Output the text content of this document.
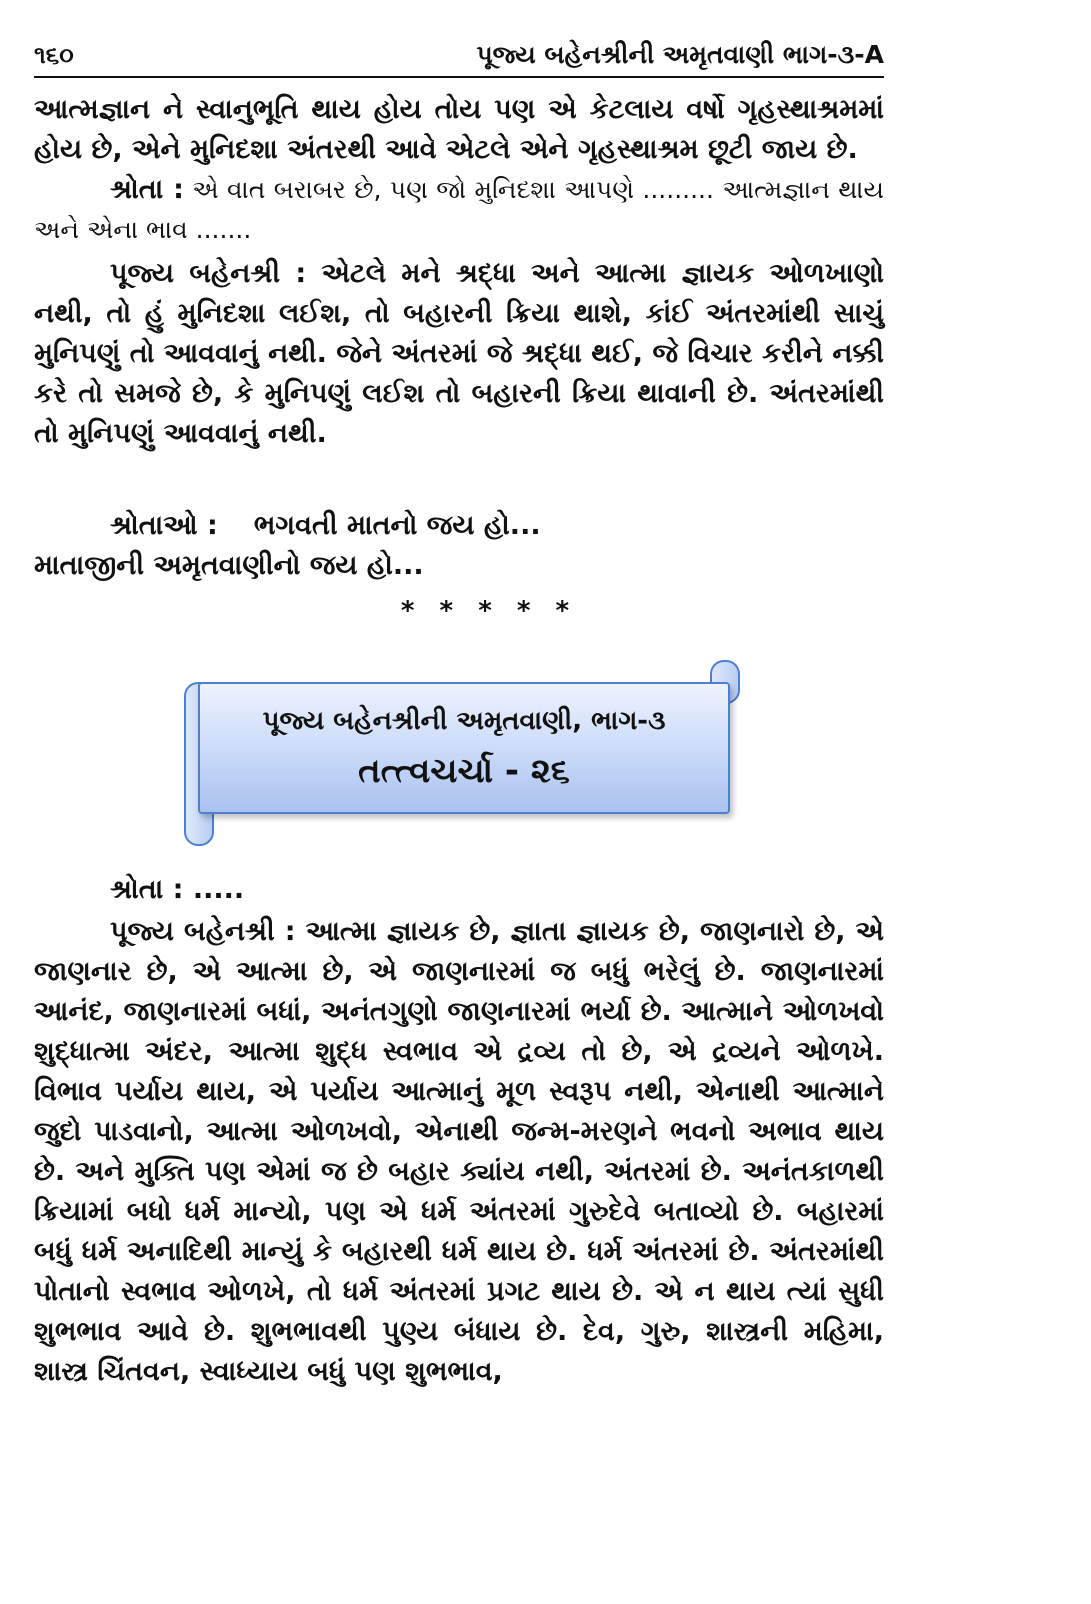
૧૬૦	પૂજ્ય બહેનશ્રીની અમૃતવાણી ભાગ-૩-A

આત્મજ્ઞાન ને સ્વાનુભૂતિ થાય હોય તોય પણ એ કેટલાય વર્ષો ગૃહસ્થાશ્રમમાં હોય છે, એને મુનિદશા અંતરથી આવે એટલે એને ગૃહસ્થાશ્રમ છૂટી જાય છે.

શ્રોતા : એ વાત બરાબર છે, પણ જો મુનિદશા આપણે ......... આત્મજ્ઞાન થાય અને એના ભાવ .......

પૂજ્ય બહેનશ્રી : એટલે મને શ્રદ્ધા અને આત્મા જ્ઞાયક ઓળખાણો નથી, તો હું મુનિદશા લઈશ, તો બહારની ક્રિયા થાશે, કાંઈ અંતરમાંથી સાચું મુનિપણું તો આવવાનું નથી. જેને અંતરમાં જે શ્રદ્ધા થઈ, જે વિચાર કરીને નક્કી કરે તો સમજે છે, કે મુનિપણું લઈશ તો બહારની ક્રિયા થાવાની છે. અંતરમાંથી તો મુનિપણું આવવાનું નથી.

શ્રોતાઓ : ભગવતી માતનો જય હો...

માતાજીની અમૃતવાણીનો જય હો...

* * * * *
પૂજ્ય બહેનશ્રીની અમૃતવાણી, ભાગ-૩
તત્ત્વચર્ચા - ૨૬

શ્રોતા : .....

પૂજ્ય બહેનશ્રી : આત્મા જ્ઞાયક છે, જ્ઞાતા જ્ઞાયક છે, જાણનારો છે, એ જાણનાર છે, એ આત્મા છે, એ જાણનારમાં જ બધું ભરેલું છે. જાણનારમાં આનંદ, જાણનારમાં બધાં, અનંતગુણો જાણનારમાં ભર્યા છે. આત્માને ઓળખવો શુદ્ધાત્મા અંદર, આત્મા શુદ્ધ સ્વભાવ એ દ્રવ્ય તો છે, એ દ્રવ્યને ઓળખે. વિભાવ પર્યાય થાય, એ પર્યાય આત્માનું મૂળ સ્વરૂપ નથી, એનાથી આત્માને જુદો પાડવાનો, આત્મા ઓળખવો, એનાથી જન્મ-મરણને ભવનો અભાવ થાય છે. અને મુક્તિ પણ એમાં જ છે બહાર ક્યાંય નથી, અંતરમાં છે. અનંતકાળથી ક્રિયામાં બધો ધર્મ માન્યો, પણ એ ધર્મ અંતરમાં ગુરુદેવે બતાવ્યો છે. બહારમાં બધું ધર્મ અનાદિથી માન્યું કે બહારથી ધર્મ થાય છે. ધર્મ અંતરમાં છે. અંતરમાંથી પોતાનો સ્વભાવ ઓળખે, તો ધર્મ અંતરમાં પ્રગટ થાય છે. એ ન થાય ત્યાં સુધી શુભભાવ આવે છે. શુભભાવથી પુણ્ય બંધાય છે. દેવ, ગુરુ, શાસ્ત્રની મહિમા, શાસ્ત્ર ચિંતવન, સ્વાધ્યાય બધું પણ શુભભાવ,
